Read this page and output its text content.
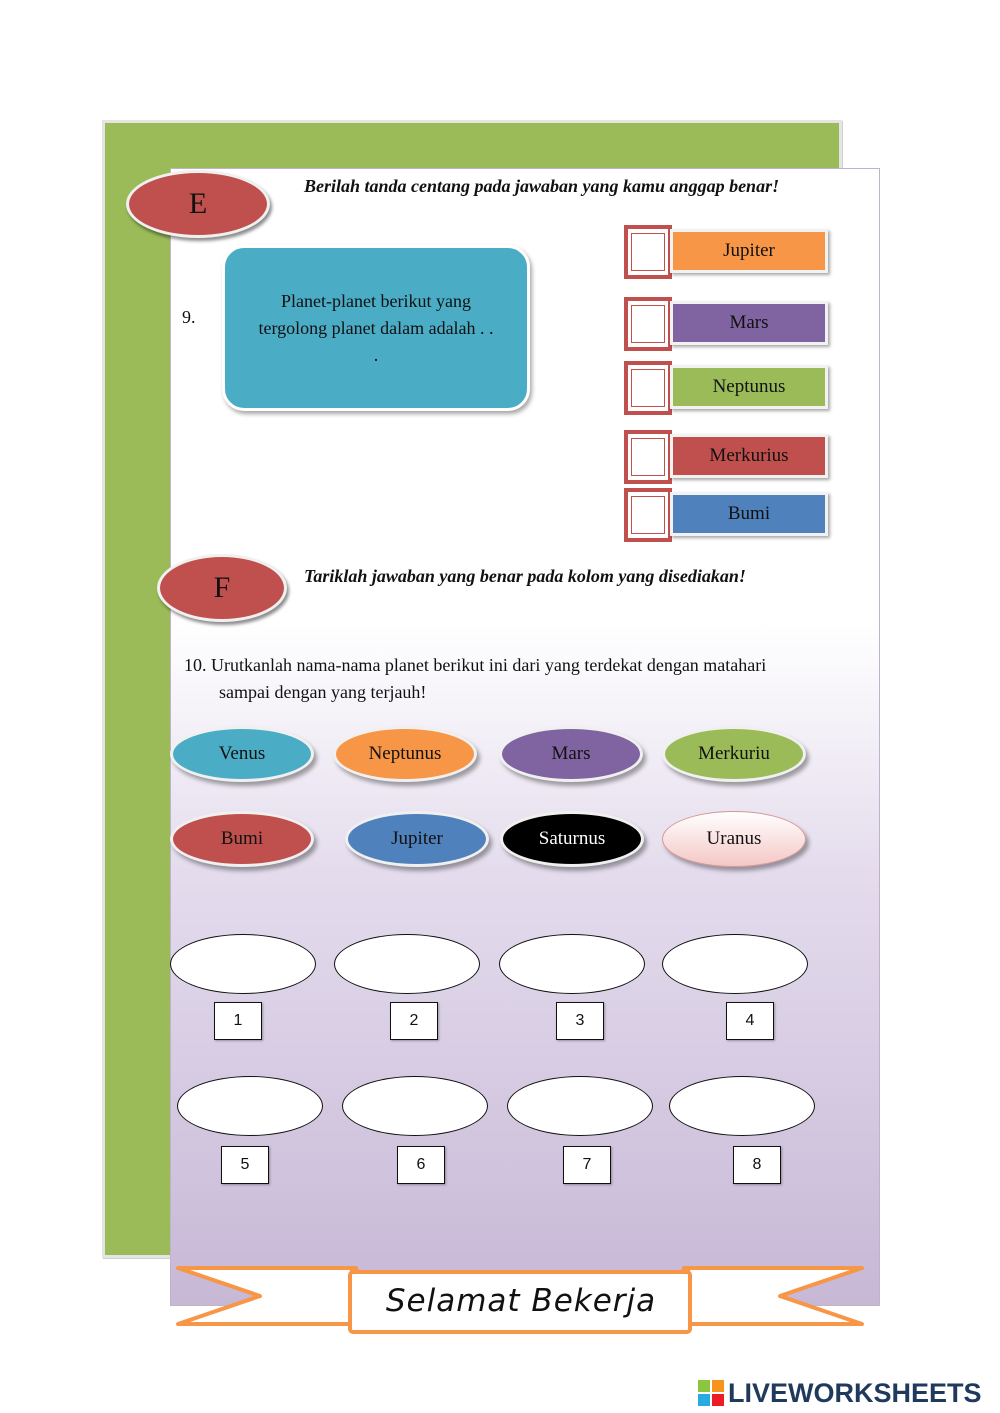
E
Berilah tanda centang pada jawaban yang kamu anggap benar!
9.
Planet-planet berikut yang
tergolong planet dalam adalah . .
.
Jupiter
Mars
Neptunus
Merkurius
Bumi
F	Tariklah jawaban yang benar pada kolom yang disediakan!
10. Urutkanlah nama-nama planet berikut ini dari yang terdekat dengan matahari
sampai dengan yang terjauh!
Venus	Neptunus	Mars	Merkuriu
Bumi	Jupiter	Saturnus	Uranus
1	2	3	4
5	6	7	8
Selamat Bekerja
LIVEWORKSHEETS
